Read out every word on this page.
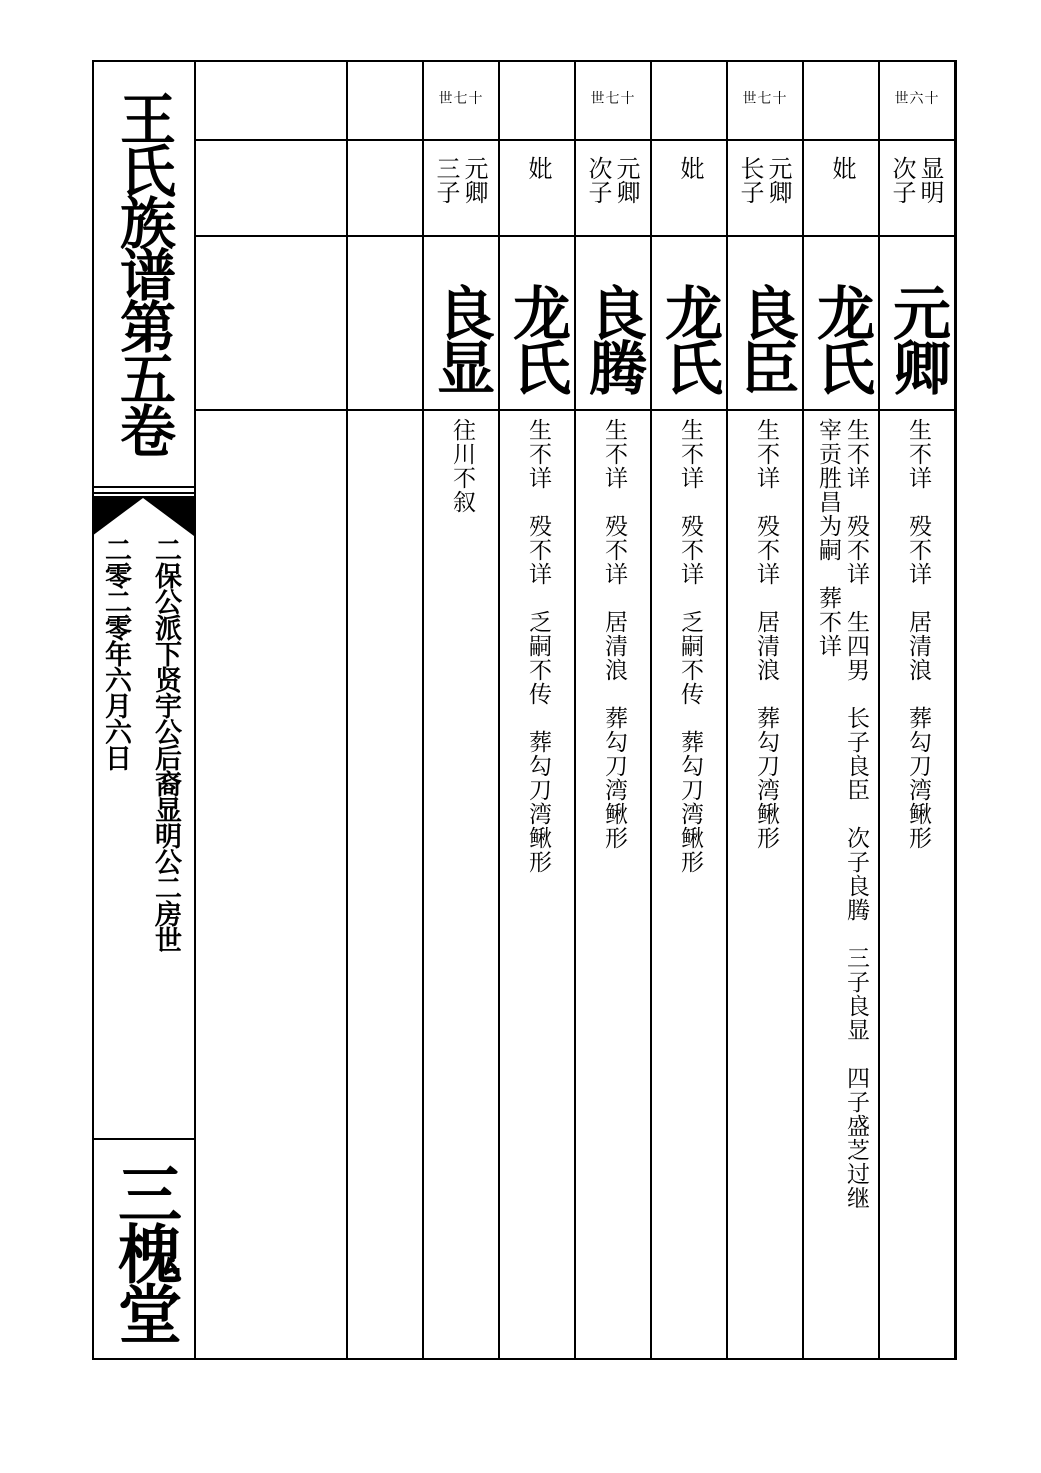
王氏族谱第五卷
二保公派下贤宇公后裔显明公二房世
二零二零年六月六日
三槐堂
世六十
显明
次子
元卿
生不详　殁不详　居清浪　葬勾刀湾鳅形
妣
龙氏
生不详　殁不详　生四男　长子良臣　次子良腾　三子良显　四子盛芝过继
宰贡胜昌为嗣　葬不详
世七十
元卿
长子
良臣
生不详　殁不详　居清浪　葬勾刀湾鳅形
妣
龙氏
生不详　殁不详　乏嗣不传　葬勾刀湾鳅形
世七十
元卿
次子
良腾
生不详　殁不详　居清浪　葬勾刀湾鳅形
妣
龙氏
生不详　殁不详　乏嗣不传　葬勾刀湾鳅形
世七十
元卿
三子
良显
往川不叙
